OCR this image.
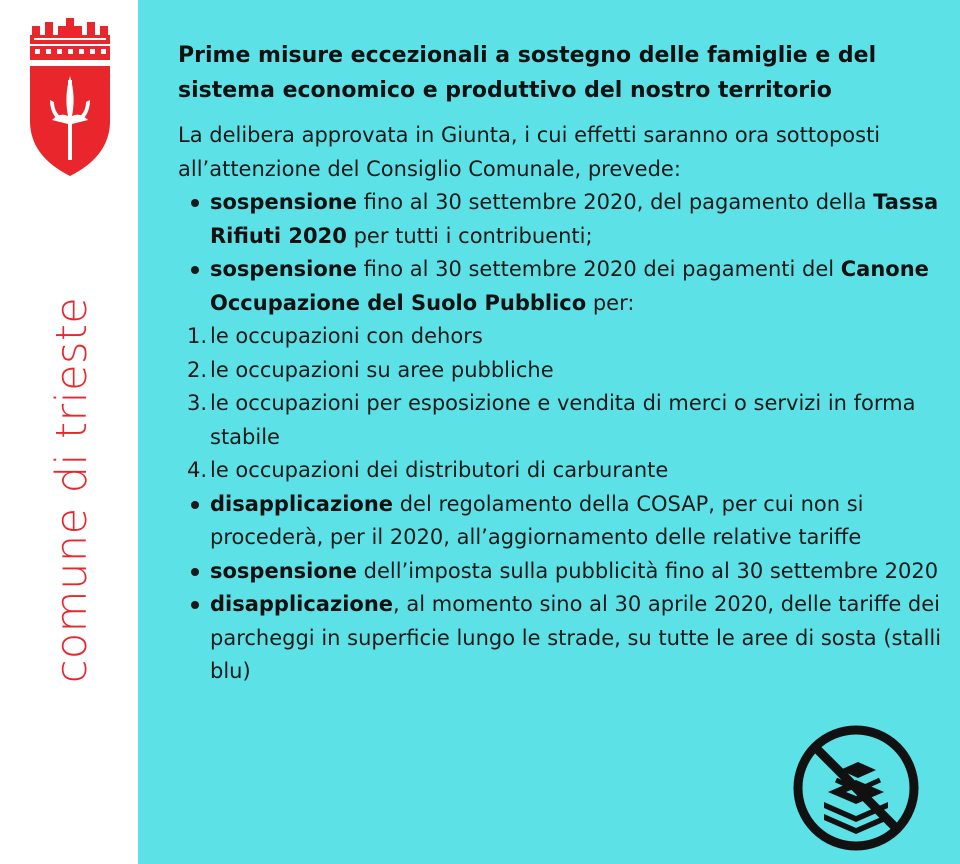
comune di trieste
Prime misure eccezionali a sostegno delle famiglie e del sistema economico e produttivo del nostro territorio

La delibera approvata in Giunta, i cui effetti saranno ora sottoposti all’attenzione del Consiglio Comunale, prevede:

sospensione fino al 30 settembre 2020, del pagamento della Tassa Rifiuti 2020 per tutti i contribuenti;
sospensione fino al 30 settembre 2020 dei pagamenti del Canone Occupazione del Suolo Pubblico per:
1. le occupazioni con dehors
2. le occupazioni su aree pubbliche
3. le occupazioni per esposizione e vendita di merci o servizi in forma stabile
4. le occupazioni dei distributori di carburante
disapplicazione del regolamento della COSAP, per cui non si procederà, per il 2020, all’aggiornamento delle relative tariffe
sospensione dell’imposta sulla pubblicità fino al 30 settembre 2020
disapplicazione, al momento sino al 30 aprile 2020, delle tariffe dei parcheggi in superficie lungo le strade, su tutte le aree di sosta (stalli blu)
